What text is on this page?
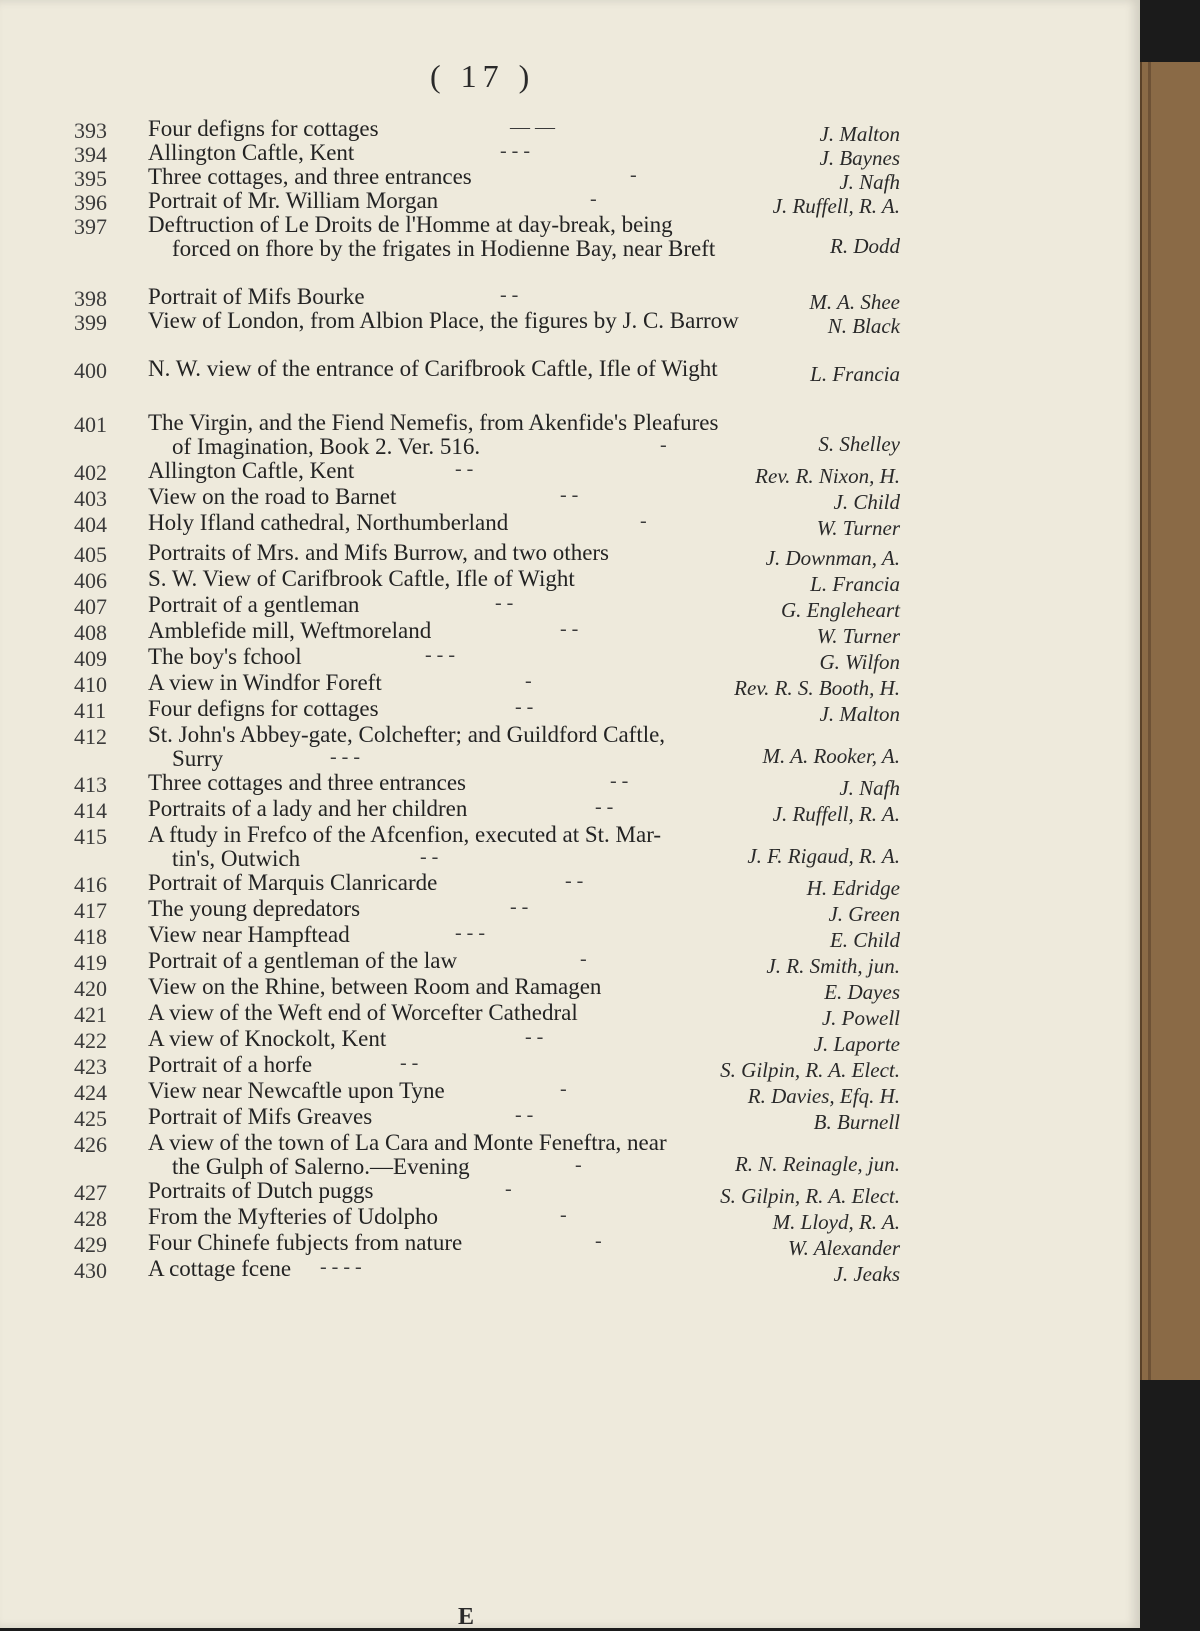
( 17 )
393 Four defigns for cottages	— —	J. Malton
394 Allington Caftle, Kent	- - -	J. Baynes
395 Three cottages, and three entrances	-	J. Nafh
396 Portrait of Mr. William Morgan	-	J. Ruffell, R. A.
397 Deftruction of Le Droits de l'Homme at day-break, being
forced on fhore by the frigates in Hodienne Bay, near Breft	R. Dodd
398 Portrait of Mifs Bourke	- -	M. A. Shee
399 View of London, from Albion Place, the figures by J. C. Barrow	N. Black
400 N. W. view of the entrance of Carifbrook Caftle, Ifle of Wight	L. Francia
401 The Virgin, and the Fiend Nemefis, from Akenfide's Pleafures
of Imagination, Book 2. Ver. 516.	-	S. Shelley
402 Allington Caftle, Kent	- -	Rev. R. Nixon, H.
403 View on the road to Barnet	- -	J. Child
404 Holy Ifland cathedral, Northumberland	-	W. Turner
405 Portraits of Mrs. and Mifs Burrow, and two others	J. Downman, A.
406 S. W. View of Carifbrook Caftle, Ifle of Wight	L. Francia
407 Portrait of a gentleman	- -	G. Engleheart
408 Amblefide mill, Weftmoreland	- -	W. Turner
409 The boy's fchool	- - -	G. Wilfon
410 A view in Windfor Foreft	-	Rev. R. S. Booth, H.
411 Four defigns for cottages	- -	J. Malton
412 St. John's Abbey-gate, Colchefter; and Guildford Caftle,
Surry	- - -	M. A. Rooker, A.
413 Three cottages and three entrances	- -	J. Nafh
414 Portraits of a lady and her children	- -	J. Ruffell, R. A.
415 A ftudy in Frefco of the Afcenfion, executed at St. Mar-
tin's, Outwich	- -	J. F. Rigaud, R. A.
416 Portrait of Marquis Clanricarde	- -	H. Edridge
417 The young depredators	- -	J. Green
418 View near Hampftead	- - -	E. Child
419 Portrait of a gentleman of the law	-	J. R. Smith, jun.
420 View on the Rhine, between Room and Ramagen	E. Dayes
421 A view of the Weft end of Worcefter Cathedral	J. Powell
422 A view of Knockolt, Kent	- -	J. Laporte
423 Portrait of a horfe	- -	S. Gilpin, R. A. Elect.
424 View near Newcaftle upon Tyne	-	R. Davies, Efq. H.
425 Portrait of Mifs Greaves	- -	B. Burnell
426 A view of the town of La Cara and Monte Feneftra, near
the Gulph of Salerno.—Evening	-	R. N. Reinagle, jun.
427 Portraits of Dutch puggs	-	S. Gilpin, R. A. Elect.
428 From the Myfteries of Udolpho	-	M. Lloyd, R. A.
429 Four Chinefe fubjects from nature	-	W. Alexander
430 A cottage fcene - - - -	J. Jeaks
E
